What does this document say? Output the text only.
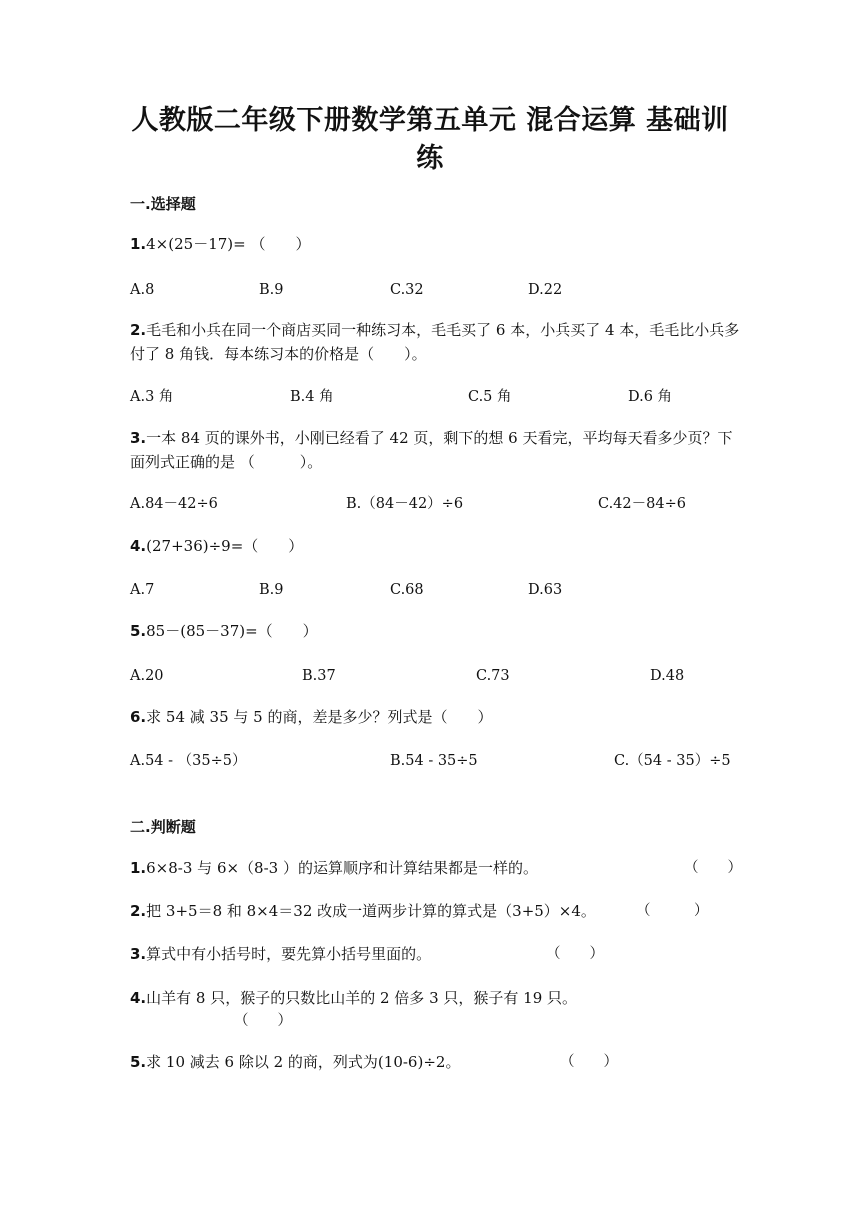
人教版二年级下册数学第五单元 混合运算 基础训
练
一.选择题
1.4×(25－17)= （　　）
A.8	B.9	C.32	D.22
2.毛毛和小兵在同一个商店买同一种练习本，毛毛买了 6 本，小兵买了 4 本，毛毛比小兵多付了 8 角钱．每本练习本的价格是（　　）。
A.3 角	B.4 角	C.5 角	D.6 角
3.一本 84 页的课外书，小刚已经看了 42 页，剩下的想 6 天看完，平均每天看多少页？下面列式正确的是 （　　　）。
A.84－42÷6	B.（84－42）÷6	C.42－84÷6
4.(27+36)÷9=（　　）
A.7	B.9	C.68	D.63
5.85－(85－37)=（　　）
A.20	B.37	C.73	D.48
6.求 54 减 35 与 5 的商，差是多少？列式是（　　）
A.54 - （35÷5）	B.54 - 35÷5	C.（54 - 35）÷5
二.判断题
1.6×8-3 与 6×（8-3 ）的运算顺序和计算结果都是一样的。	（　　）
2.把 3+5＝8 和 8×4＝32 改成一道两步计算的算式是（3+5）×4。	（　　　）
3.算式中有小括号时，要先算小括号里面的。	（　　）
4.山羊有 8 只，猴子的只数比山羊的 2 倍多 3 只，猴子有 19 只。
（　　）
5.求 10 减去 6 除以 2 的商，列式为(10-6)÷2。	（　　）
